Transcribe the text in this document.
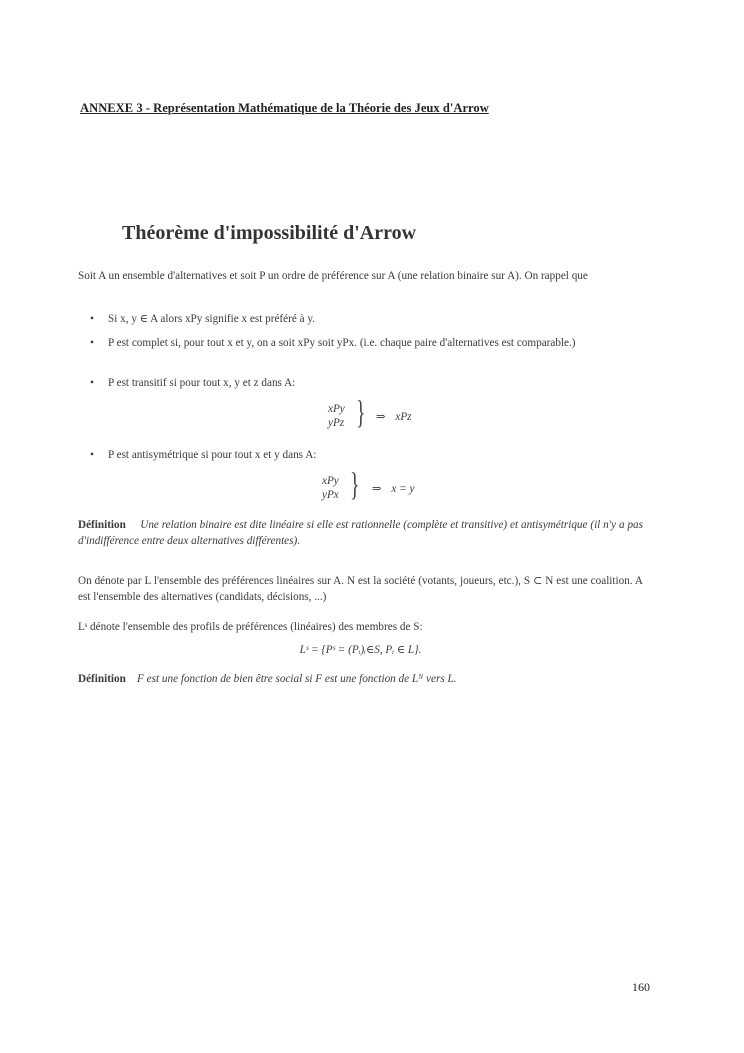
ANNEXE 3 - Représentation Mathématique de la Théorie des Jeux d'Arrow
Théorème d'impossibilité d'Arrow
Soit A un ensemble d'alternatives et soit P un ordre de préférence sur A (une relation binaire sur A). On rappel que
• Si x, y ∈ A alors xPy signifie x est préféré à y.
• P est complet si, pour tout x et y, on a soit xPy soit yPx. (i.e. chaque paire d'alternatives est comparable.)
• P est transitif si pour tout x, y et z dans A:
xPy
yPz } ⇒ xPz
• P est antisymétrique si pour tout x et y dans A:
xPy
yPx } ⇒ x = y
Définition Une relation binaire est dite linéaire si elle est rationnelle (complète et transitive) et antisymétrique (il n'y a pas d'indifférence entre deux alternatives différentes).
On dénote par L l'ensemble des préférences linéaires sur A. N est la société (votants, joueurs, etc.), S ⊂ N est une coalition. A est l'ensemble des alternatives (candidats, décisions, ...)
Lˢ dénote l'ensemble des profils de préférences (linéaires) des membres de S:
Lˢ = {Pˢ = (Pᵢ)ᵢ∈S, Pᵢ ∈ L}.
Définition F est une fonction de bien être social si F est une fonction de Lᴺ vers L.
160
